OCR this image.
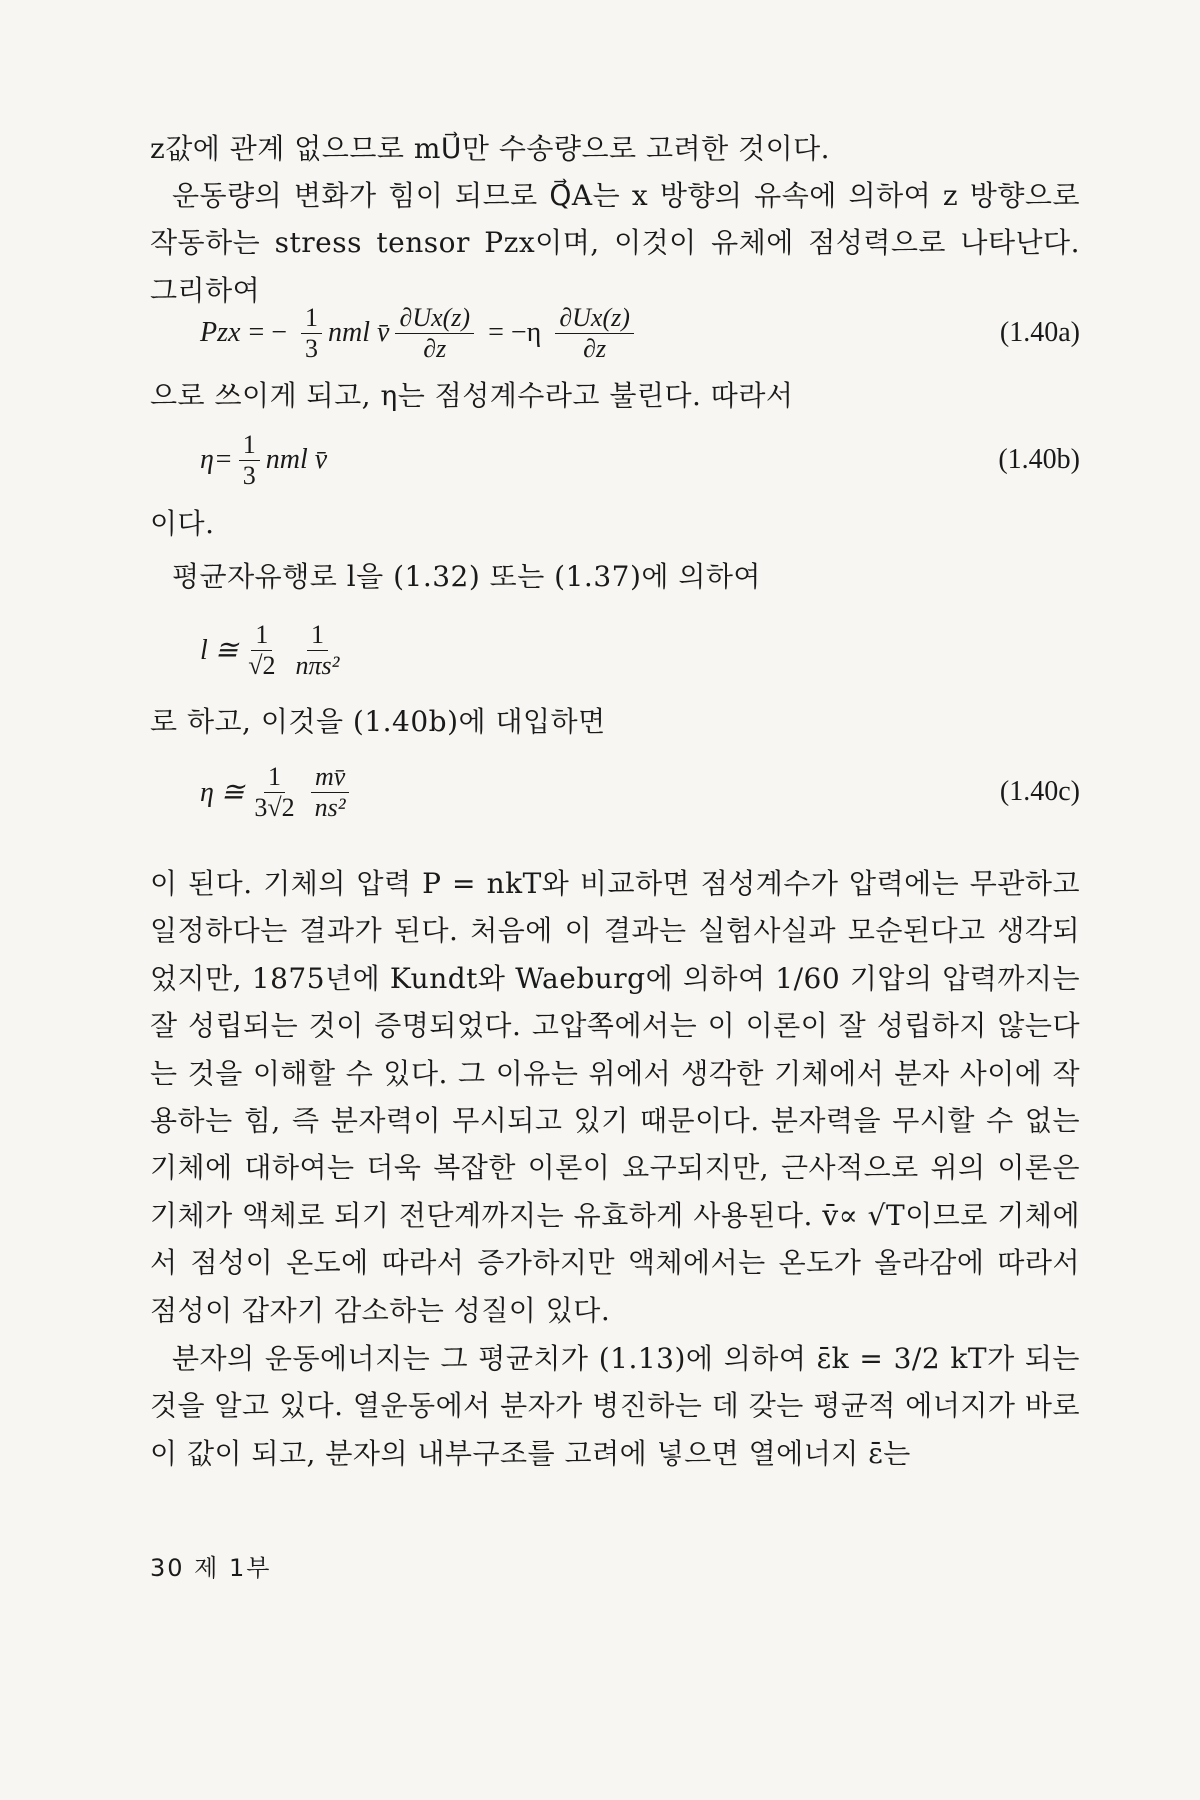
z값에 관계 없으므로 mU⃗만 수송량으로 고려한 것이다.

운동량의 변화가 힘이 되므로 Q⃗A는 x 방향의 유속에 의하여 z 방향으로 작동하는 stress tensor Pzx이며, 이것이 유체에 점성력으로 나타난다. 그리하여

Pzx = − $\frac{1}{3}$ nml v̄ $\frac{\partial Ux(z)}{\partial z} = -\eta \frac{\partial Ux(z)}{\partial z}$	(1.40a)

으로 쓰이게 되고, η는 점성계수라고 불린다. 따라서

$\eta= \frac{1}{3}$ nml v̄	(1.40b)

이다.

평균자유행로 l을 (1.32) 또는 (1.37)에 의하여

l ≅ $\frac{1}{√2} \frac{1}{\text{nπs²}}$

로 하고, 이것을 (1.40b)에 대입하면

η ≅ $\frac{1}{3√2} \frac{mv̄}{\text{ns²}}$	(1.40c)

이 된다. 기체의 압력 P = nkT와 비교하면 점성계수가 압력에는 무관하고 일정하다는 결과가 된다. 처음에 이 결과는 실험사실과 모순된다고 생각되었지만, 1875년에 Kundt와 Waeburg에 의하여 1/60 기압의 압력까지는 잘 성립되는 것이 증명되었다. 고압쪽에서는 이 이론이 잘 성립하지 않는다는 것을 이해할 수 있다. 그 이유는 위에서 생각한 기체에서 분자 사이에 작용하는 힘, 즉 분자력이 무시되고 있기 때문이다. 분자력을 무시할 수 없는 기체에 대하여는 더욱 복잡한 이론이 요구되지만, 근사적으로 위의 이론은 기체가 액체로 되기 전단계까지는 유효하게 사용된다. v̄∝ √T이므로 기체에서 점성이 온도에 따라서 증가하지만 액체에서는 온도가 올라감에 따라서 점성이 갑자기 감소하는 성질이 있다.

분자의 운동에너지는 그 평균치가 (1.13)에 의하여 ε̄k = 3/2 kT가 되는 것을 알고 있다. 열운동에서 분자가 병진하는 데 갖는 평균적 에너지가 바로 이 값이 되고, 분자의 내부구조를 고려에 넣으면 열에너지 ε̄는

30 제 1부
